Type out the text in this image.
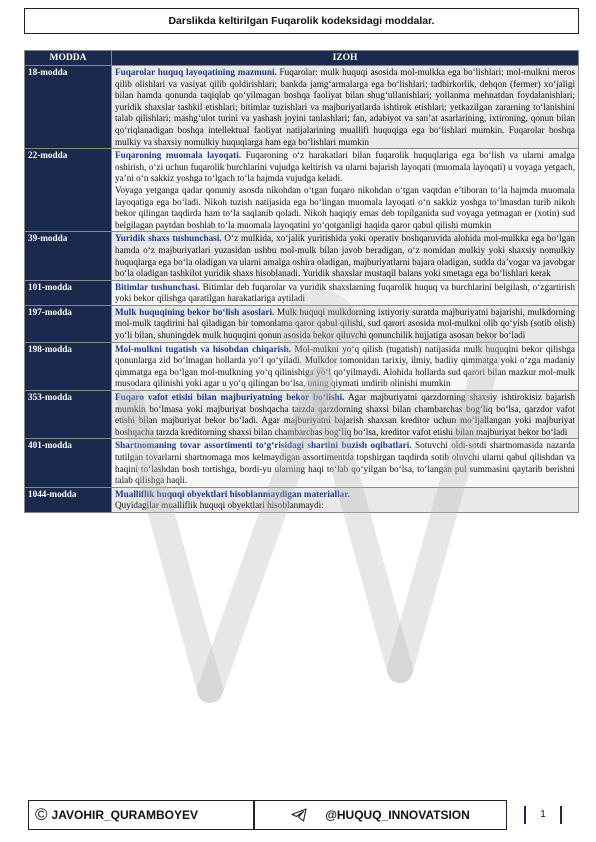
Darslikda keltirilgan Fuqarolik kodeksidagi moddalar.
MODDA	IZOH
18-modda	Fuqarolar huquq layoqatining mazmuni. Fuqarolar: mulk huquqi asosida mol-mulkka ega bo‘lishlari; mol-mulkni meros qilib olishlari va vasiyat qilib qoldirishlari; bankda jamg‘armalarga ega bo‘lishlari; tadbirkorlik, dehqon (fermer) xo‘jaligi bilan hamda qonunda taqiqlab qo‘yilmagan boshqa faoliyat bilan shug‘ullanishlari; yollanma mehnatdan foydalanishlari; yuridik shaxslar tashkil etishlari; bitimlar tuzishlari va majburiyatlarda ishtirok etishlari; yetkazilgan zararning to‘lanishini talab qilishlari; mashg‘ulot turini va yashash joyini tanlashlari; fan, adabiyot va san’at asarlarining, ixtironing, qonun bilan qo‘riqlanadigan boshqa intellektual faoliyat natijalarining muallifi huquqiga ega bo‘lishlari mumkin. Fuqarolar boshqa mulkiy va shaxsiy nomulkiy huquqlarga ham ega bo‘lishlari mumkin
22-modda	Fuqaroning muomala layoqati. Fuqaroning o‘z harakatlari bilan fuqarolik huquqlariga ega bo‘lish va ularni amalga oshirish, o‘zi uchun fuqarolik burchlarini vujudga keltirish va ularni bajarish layoqati (muomala layoqati) u voyaga yetgach, ya’ni o‘n sakkiz yoshga to‘lgach to‘la hajmda vujudga keladi.
Voyaga yetganga qadar qonuniy asosda nikohdan o‘tgan fuqaro nikohdan o‘tgan vaqtdan e’tiboran to‘la hajmda muomala layoqatiga ega bo‘ladi. Nikoh tuzish natijasida ega bo‘lingan muomala layoqati o‘n sakkiz yoshga to‘lmasdan turib nikoh bekor qilingan taqdirda ham to‘la saqlanib qoladi. Nikoh haqiqiy emas deb topilganida sud voyaga yetmagan er (xotin) sud belgilagan paytdan boshlab to‘la muomala layoqatini yo‘qotganligi haqida qaror qabul qilishi mumkin
39-modda	Yuridik shaxs tushunchasi. O‘z mulkida, xo‘jalik yuritishida yoki operativ boshqaruvida alohida mol-mulkka ega bo‘lgan hamda o‘z majburiyatlari yuzasidan ushbu mol-mulk bilan javob beradigan, o‘z nomidan mulkiy yoki shaxsiy nomulkiy huquqlarga ega bo‘la oladigan va ularni amalga oshira oladigan, majburiyatlarni bajara oladigan, sudda da’vogar va javobgar bo‘la oladigan tashkilot yuridik shaxs hisoblanadi. Yuridik shaxslar mustaqil balans yoki smetaga ega bo‘lishlari kerak
101-modda	Bitimlar tushunchasi. Bitimlar deb fuqarolar va yuridik shaxslarning fuqarolik huquq va burchlarini belgilash, o‘zgartirish yoki bekor qilishga qaratilgan harakatlariga aytiladi
197-modda	Mulk huquqining bekor bo‘lish asoslari. Mulk huquqi mulkdorning ixtiyoriy suratda majburiyatni bajarishi, mulkdorning mol-mulk taqdirini hal qiladigan bir tomonlama qaror qabul qilishi, sud qarori asosida mol-mulkni olib qo‘yish (sotib olish) yo‘li bilan, shuningdek mulk huquqini qonun asosida bekor qiluvchi qonunchilik hujjatiga asosan bekor bo‘ladi
198-modda	Mol-mulkni tugatish va hisobdan chiqarish. Mol-mulkni yo‘q qilish (tugatish) natijasida mulk huquqini bekor qilishga qonunlarga zid bo‘lmagan hollarda yo‘l qo‘yiladi. Mulkdor tomonidan tarixiy, ilmiy, badiiy qimmatga yoki o‘zga madaniy qimmatga ega bo‘lgan mol-mulkning yo‘q qilinishiga yo‘l qo‘yilmaydi. Alohida hollarda sud qarori bilan mazkur mol-mulk musodara qilinishi yoki agar u yo‘q qilingan bo‘lsa, uning qiymati undirib olinishi mumkin
353-modda	Fuqaro vafot etishi bilan majburiyatning bekor bo‘lishi. Agar majburiyatni qarzdorning shaxsiy ishtirokisiz bajarish mumkin bo‘lmasa yoki majburiyat boshqacha tarzda qarzdorning shaxsi bilan chambarchas bog‘liq bo‘lsa, qarzdor vafot etishi bilan majburiyat bekor bo‘ladi. Agar majburiyatni bajarish shaxsan kreditor uchun mo‘ljallangan yoki majburiyat boshqacha tarzda kreditorning shaxsi bilan chambarchas bog‘liq bo‘lsa, kreditor vafot etishi bilan majburiyat bekor bo‘ladi
401-modda	Shartnomaning tovar assortimenti to‘g‘risidagi shartini buzish oqibatlari. Sotuvchi oldi-sotdi shartnomasida nazarda tutilgan tovarlarni shartnomaga mos kelmaydigan assortimentda topshirgan taqdirda sotib oluvchi ularni qabul qilishdan va haqini to‘lashdan bosh tortishga, bordi-yu ularning haqi to‘lab qo‘yilgan bo‘lsa, to‘langan pul summasini qaytarib berishni talab qilishga haqli.
1044-modda	Mualliflik huquqi obyektlari hisoblanmaydigan materiallar.
Quyidagilar mualliflik huquqi obyektlari hisoblanmaydi:
© JAVOHIR_QURAMBOYEV	@HUQUQ_INNOVATSION	1
